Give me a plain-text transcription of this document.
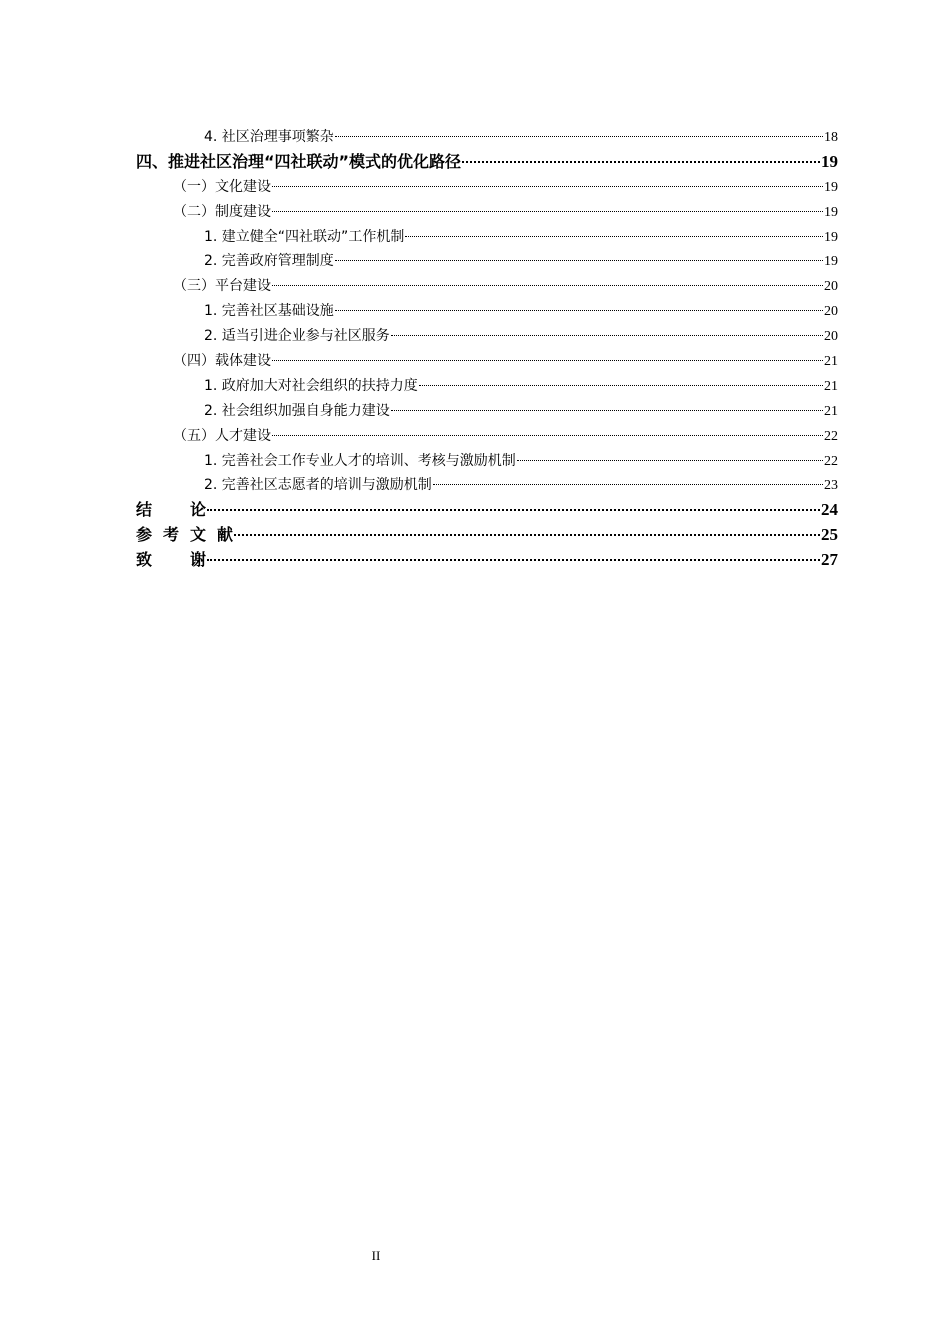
4. 社区治理事项繁杂	18
四、推进社区治理“四社联动”模式的优化路径	19
（一）文化建设	19
（二）制度建设	19
1. 建立健全“四社联动”工作机制	19
2. 完善政府管理制度	19
（三）平台建设	20
1. 完善社区基础设施	20
2. 适当引进企业参与社区服务	20
（四）载体建设	21
1. 政府加大对社会组织的扶持力度	21
2. 社会组织加强自身能力建设	21
（五）人才建设	22
1. 完善社会工作专业人才的培训、考核与激励机制	22
2. 完善社区志愿者的培训与激励机制	23
结论	24
参考文献	25
致谢	27
II
